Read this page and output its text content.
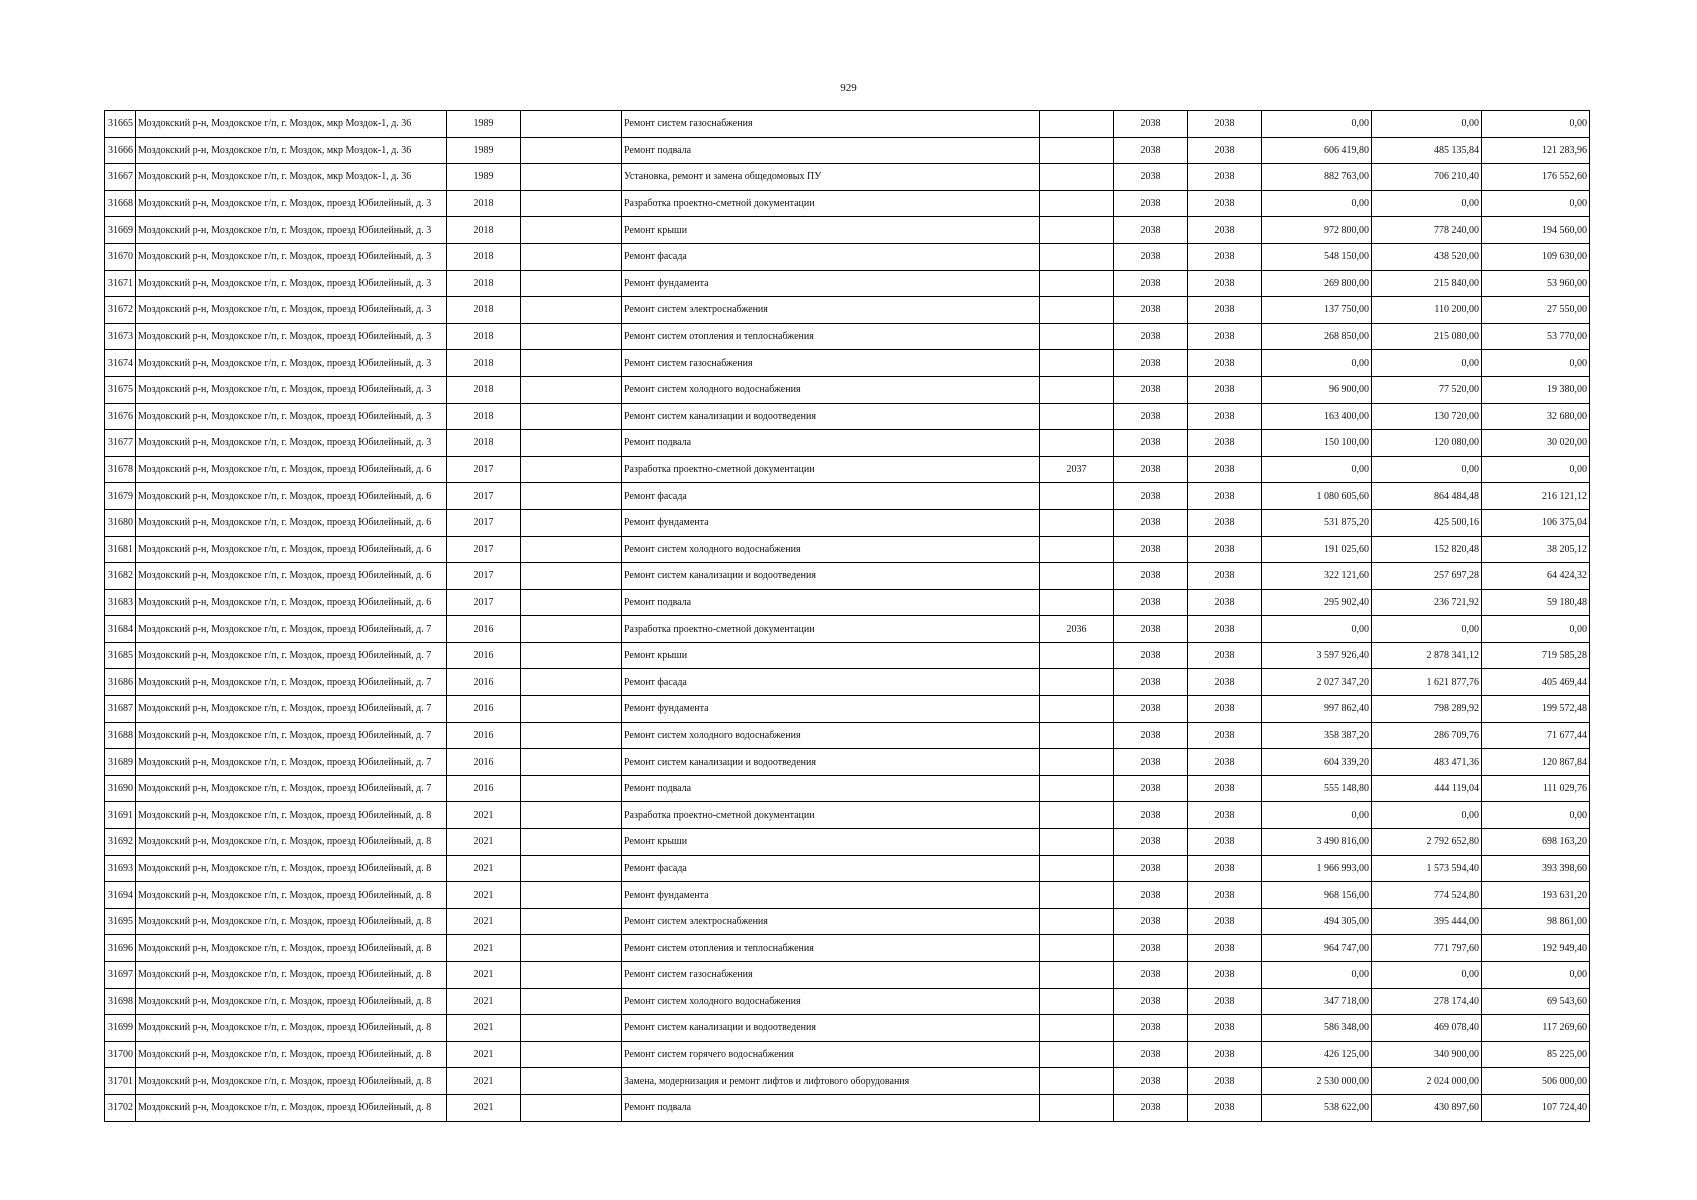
929
31665	Моздокский р-н, Моздокское г/п, г. Моздок, мкр Моздок-1, д. 36	1989		Ремонт систем газоснабжения		2038	2038	0,00	0,00	0,00
31666	Моздокский р-н, Моздокское г/п, г. Моздок, мкр Моздок-1, д. 36	1989		Ремонт подвала		2038	2038	606 419,80	485 135,84	121 283,96
31667	Моздокский р-н, Моздокское г/п, г. Моздок, мкр Моздок-1, д. 36	1989		Установка, ремонт и замена общедомовых ПУ		2038	2038	882 763,00	706 210,40	176 552,60
31668	Моздокский р-н, Моздокское г/п, г. Моздок, проезд Юбилейный, д. 3	2018		Разработка проектно-сметной документации		2038	2038	0,00	0,00	0,00
31669	Моздокский р-н, Моздокское г/п, г. Моздок, проезд Юбилейный, д. 3	2018		Ремонт крыши		2038	2038	972 800,00	778 240,00	194 560,00
31670	Моздокский р-н, Моздокское г/п, г. Моздок, проезд Юбилейный, д. 3	2018		Ремонт фасада		2038	2038	548 150,00	438 520,00	109 630,00
31671	Моздокский р-н, Моздокское г/п, г. Моздок, проезд Юбилейный, д. 3	2018		Ремонт фундамента		2038	2038	269 800,00	215 840,00	53 960,00
31672	Моздокский р-н, Моздокское г/п, г. Моздок, проезд Юбилейный, д. 3	2018		Ремонт систем электроснабжения		2038	2038	137 750,00	110 200,00	27 550,00
31673	Моздокский р-н, Моздокское г/п, г. Моздок, проезд Юбилейный, д. 3	2018		Ремонт систем отопления и теплоснабжения		2038	2038	268 850,00	215 080,00	53 770,00
31674	Моздокский р-н, Моздокское г/п, г. Моздок, проезд Юбилейный, д. 3	2018		Ремонт систем газоснабжения		2038	2038	0,00	0,00	0,00
31675	Моздокский р-н, Моздокское г/п, г. Моздок, проезд Юбилейный, д. 3	2018		Ремонт систем холодного водоснабжения		2038	2038	96 900,00	77 520,00	19 380,00
31676	Моздокский р-н, Моздокское г/п, г. Моздок, проезд Юбилейный, д. 3	2018		Ремонт систем канализации и водоотведения		2038	2038	163 400,00	130 720,00	32 680,00
31677	Моздокский р-н, Моздокское г/п, г. Моздок, проезд Юбилейный, д. 3	2018		Ремонт подвала		2038	2038	150 100,00	120 080,00	30 020,00
31678	Моздокский р-н, Моздокское г/п, г. Моздок, проезд Юбилейный, д. 6	2017		Разработка проектно-сметной документации	2037	2038	2038	0,00	0,00	0,00
31679	Моздокский р-н, Моздокское г/п, г. Моздок, проезд Юбилейный, д. 6	2017		Ремонт фасада		2038	2038	1 080 605,60	864 484,48	216 121,12
31680	Моздокский р-н, Моздокское г/п, г. Моздок, проезд Юбилейный, д. 6	2017		Ремонт фундамента		2038	2038	531 875,20	425 500,16	106 375,04
31681	Моздокский р-н, Моздокское г/п, г. Моздок, проезд Юбилейный, д. 6	2017		Ремонт систем холодного водоснабжения		2038	2038	191 025,60	152 820,48	38 205,12
31682	Моздокский р-н, Моздокское г/п, г. Моздок, проезд Юбилейный, д. 6	2017		Ремонт систем канализации и водоотведения		2038	2038	322 121,60	257 697,28	64 424,32
31683	Моздокский р-н, Моздокское г/п, г. Моздок, проезд Юбилейный, д. 6	2017		Ремонт подвала		2038	2038	295 902,40	236 721,92	59 180,48
31684	Моздокский р-н, Моздокское г/п, г. Моздок, проезд Юбилейный, д. 7	2016		Разработка проектно-сметной документации	2036	2038	2038	0,00	0,00	0,00
31685	Моздокский р-н, Моздокское г/п, г. Моздок, проезд Юбилейный, д. 7	2016		Ремонт крыши		2038	2038	3 597 926,40	2 878 341,12	719 585,28
31686	Моздокский р-н, Моздокское г/п, г. Моздок, проезд Юбилейный, д. 7	2016		Ремонт фасада		2038	2038	2 027 347,20	1 621 877,76	405 469,44
31687	Моздокский р-н, Моздокское г/п, г. Моздок, проезд Юбилейный, д. 7	2016		Ремонт фундамента		2038	2038	997 862,40	798 289,92	199 572,48
31688	Моздокский р-н, Моздокское г/п, г. Моздок, проезд Юбилейный, д. 7	2016		Ремонт систем холодного водоснабжения		2038	2038	358 387,20	286 709,76	71 677,44
31689	Моздокский р-н, Моздокское г/п, г. Моздок, проезд Юбилейный, д. 7	2016		Ремонт систем канализации и водоотведения		2038	2038	604 339,20	483 471,36	120 867,84
31690	Моздокский р-н, Моздокское г/п, г. Моздок, проезд Юбилейный, д. 7	2016		Ремонт подвала		2038	2038	555 148,80	444 119,04	111 029,76
31691	Моздокский р-н, Моздокское г/п, г. Моздок, проезд Юбилейный, д. 8	2021		Разработка проектно-сметной документации		2038	2038	0,00	0,00	0,00
31692	Моздокский р-н, Моздокское г/п, г. Моздок, проезд Юбилейный, д. 8	2021		Ремонт крыши		2038	2038	3 490 816,00	2 792 652,80	698 163,20
31693	Моздокский р-н, Моздокское г/п, г. Моздок, проезд Юбилейный, д. 8	2021		Ремонт фасада		2038	2038	1 966 993,00	1 573 594,40	393 398,60
31694	Моздокский р-н, Моздокское г/п, г. Моздок, проезд Юбилейный, д. 8	2021		Ремонт фундамента		2038	2038	968 156,00	774 524,80	193 631,20
31695	Моздокский р-н, Моздокское г/п, г. Моздок, проезд Юбилейный, д. 8	2021		Ремонт систем электроснабжения		2038	2038	494 305,00	395 444,00	98 861,00
31696	Моздокский р-н, Моздокское г/п, г. Моздок, проезд Юбилейный, д. 8	2021		Ремонт систем отопления и теплоснабжения		2038	2038	964 747,00	771 797,60	192 949,40
31697	Моздокский р-н, Моздокское г/п, г. Моздок, проезд Юбилейный, д. 8	2021		Ремонт систем газоснабжения		2038	2038	0,00	0,00	0,00
31698	Моздокский р-н, Моздокское г/п, г. Моздок, проезд Юбилейный, д. 8	2021		Ремонт систем холодного водоснабжения		2038	2038	347 718,00	278 174,40	69 543,60
31699	Моздокский р-н, Моздокское г/п, г. Моздок, проезд Юбилейный, д. 8	2021		Ремонт систем канализации и водоотведения		2038	2038	586 348,00	469 078,40	117 269,60
31700	Моздокский р-н, Моздокское г/п, г. Моздок, проезд Юбилейный, д. 8	2021		Ремонт систем горячего водоснабжения		2038	2038	426 125,00	340 900,00	85 225,00
31701	Моздокский р-н, Моздокское г/п, г. Моздок, проезд Юбилейный, д. 8	2021		Замена, модернизация и ремонт лифтов и лифтового оборудования		2038	2038	2 530 000,00	2 024 000,00	506 000,00
31702	Моздокский р-н, Моздокское г/п, г. Моздок, проезд Юбилейный, д. 8	2021		Ремонт подвала		2038	2038	538 622,00	430 897,60	107 724,40
